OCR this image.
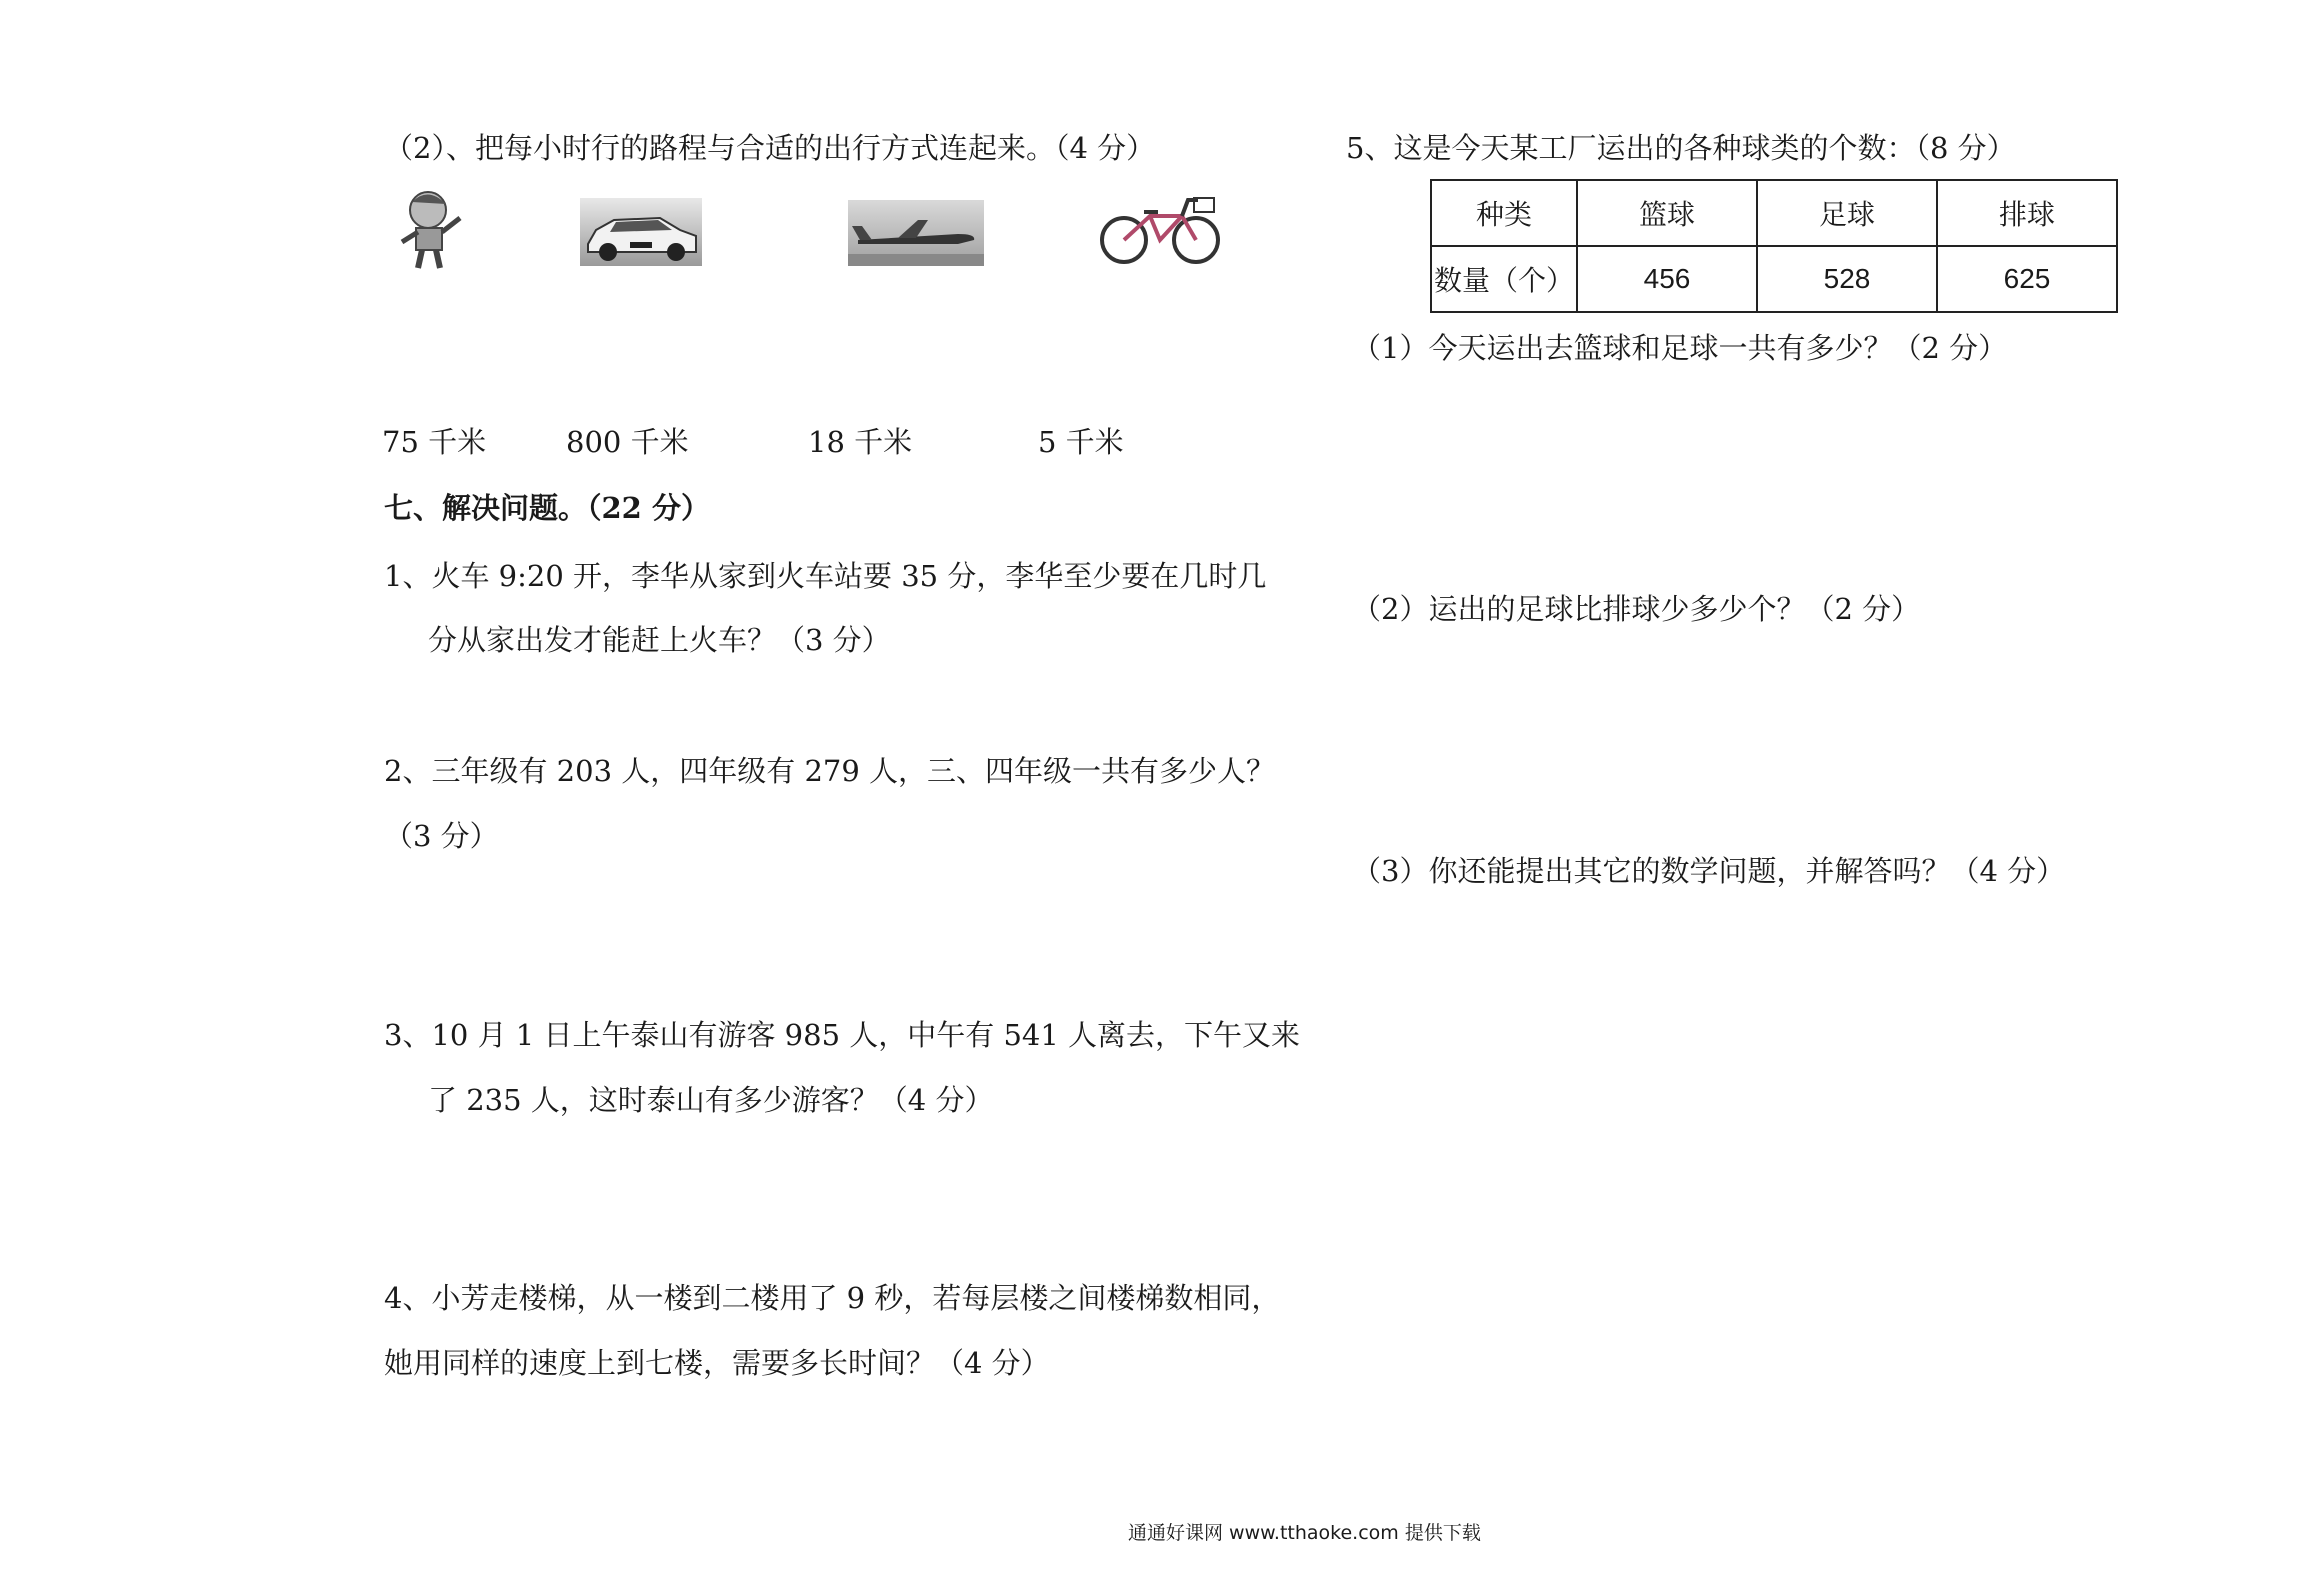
（2）、把每小时行的路程与合适的出行方式连起来。（4 分）
75 千米	800 千米	18 千米	5 千米
七、解决问题。（22 分）
1、火车 9:20 开，李华从家到火车站要 35 分，李华至少要在几时几
分从家出发才能赶上火车？（3 分）
2、三年级有 203 人，四年级有 279 人，三、四年级一共有多少人？
（3 分）
3、10 月 1 日上午泰山有游客 985 人，中午有 541 人离去，下午又来
了 235 人，这时泰山有多少游客？（4 分）
4、小芳走楼梯，从一楼到二楼用了 9 秒，若每层楼之间楼梯数相同，
她用同样的速度上到七楼，需要多长时间？（4 分）
5、这是今天某工厂运出的各种球类的个数：（8 分）
种类	篮球	足球	排球
数量（个）	456	528	625
（1）今天运出去篮球和足球一共有多少？（2 分）
（2）运出的足球比排球少多少个？（2 分）
（3）你还能提出其它的数学问题，并解答吗？（4 分）
通通好课网 www.tthaoke.com 提供下载
